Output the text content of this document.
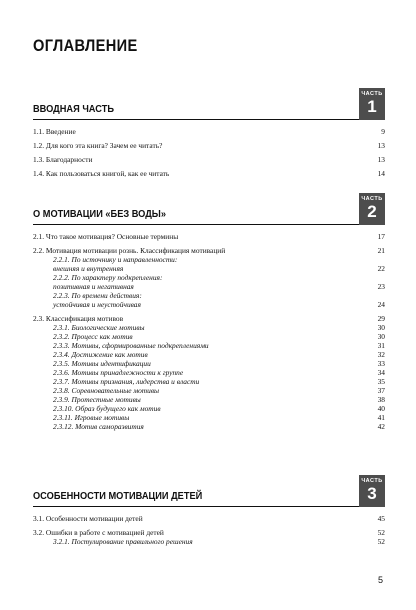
ОГЛАВЛЕНИЕ
ВВОДНАЯ ЧАСТЬ
ЧАСТЬ
1
1.1. Введение	9
1.2. Для кого эта книга? Зачем ее читать?	13
1.3. Благодарности	13
1.4. Как пользоваться книгой, как ее читать	14
О МОТИВАЦИИ «БЕЗ ВОДЫ»
ЧАСТЬ
2
2.1. Что такое мотивация? Основные термины	17
2.2. Мотивация мотивации рознь. Классификация мотиваций	21
2.2.1. По источнику и направленности:
внешняя и внутренняя	22
2.2.2. По характеру подкрепления:
позитивная и негативная	23
2.2.3. По времени действия:
устойчивая и неустойчивая	24
2.3. Классификация мотивов	29
2.3.1. Биологические мотивы	30
2.3.2. Процесс как мотив	30
2.3.3. Мотивы, сформированные подкреплениями	31
2.3.4. Достижение как мотив	32
2.3.5. Мотивы идентификации	33
2.3.6. Мотивы принадлежности к группе	34
2.3.7. Мотивы признания, лидерства и власти	35
2.3.8. Соревновательные мотивы	37
2.3.9. Протестные мотивы	38
2.3.10. Образ будущего как мотив	40
2.3.11. Игровые мотивы	41
2.3.12. Мотив саморазвития	42
ОСОБЕННОСТИ МОТИВАЦИИ ДЕТЕЙ
ЧАСТЬ
3
3.1. Особенности мотивации детей	45
3.2. Ошибки в работе с мотивацией детей	52
3.2.1. Постулирование правильного решения	52
5
